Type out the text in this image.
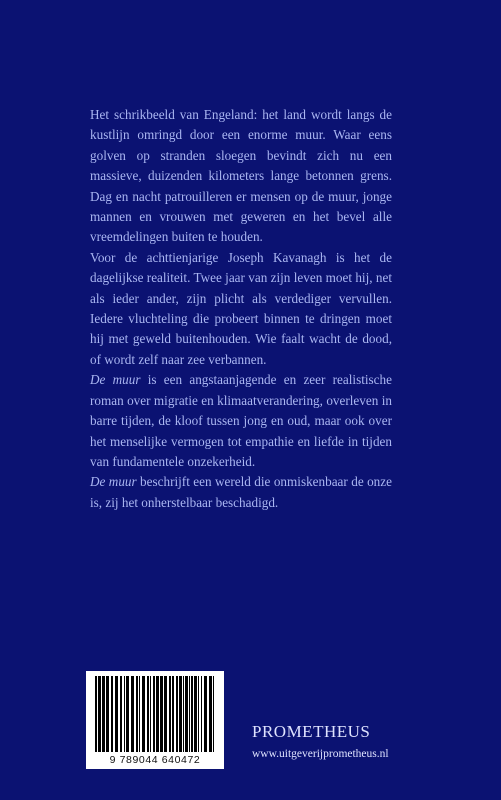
Het schrikbeeld van Engeland: het land wordt langs de kustlijn omringd door een enorme muur. Waar eens golven op stranden sloegen bevindt zich nu een massieve, duizenden kilometers lange betonnen grens. Dag en nacht patrouilleren er mensen op de muur, jonge mannen en vrouwen met geweren en het bevel alle vreemdelingen buiten te houden.

Voor de achttienjarige Joseph Kavanagh is het de dagelijkse realiteit. Twee jaar van zijn leven moet hij, net als ieder ander, zijn plicht als verdediger vervullen. Iedere vluchteling die probeert binnen te dringen moet hij met geweld buitenhouden. Wie faalt wacht de dood, of wordt zelf naar zee verbannen.

De muur is een angstaanjagende en zeer realistische roman over migratie en klimaatverandering, overleven in barre tijden, de kloof tussen jong en oud, maar ook over het menselijke vermogen tot empathie en liefde in tijden van fundamentele onzekerheid.

De muur beschrijft een wereld die onmiskenbaar de onze is, zij het onherstelbaar beschadigd.

9 789044 640472
PROMETHEUS
www.uitgeverijprometheus.nl
